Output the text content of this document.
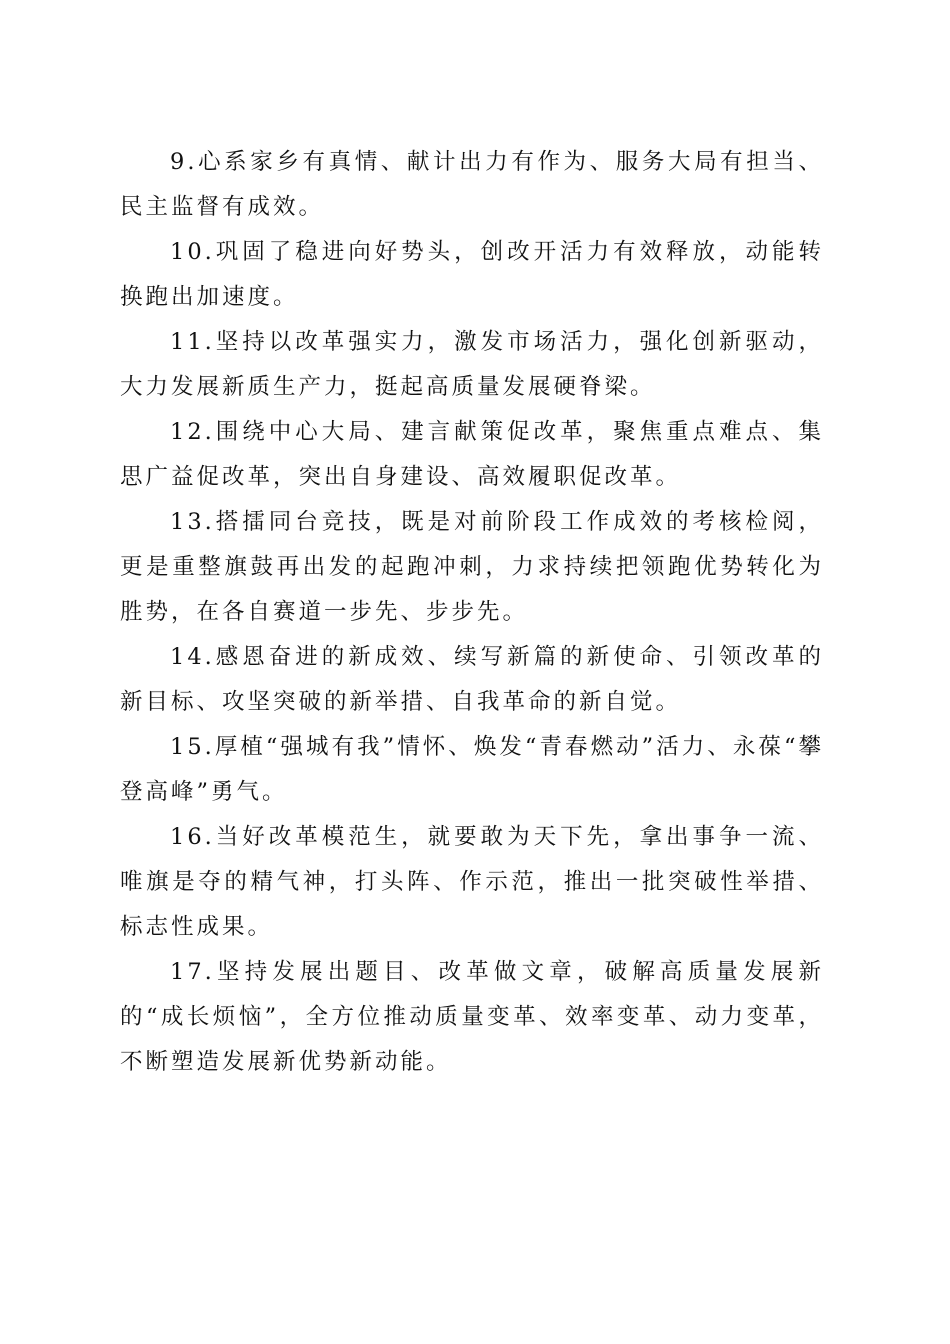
9.心系家乡有真情、献计出力有作为、服务大局有担当、民主监督有成效。

10.巩固了稳进向好势头，创改开活力有效释放，动能转换跑出加速度。

11.坚持以改革强实力，激发市场活力，强化创新驱动，大力发展新质生产力，挺起高质量发展硬脊梁。

12.围绕中心大局、建言献策促改革，聚焦重点难点、集思广益促改革，突出自身建设、高效履职促改革。

13.搭擂同台竞技，既是对前阶段工作成效的考核检阅，更是重整旗鼓再出发的起跑冲刺，力求持续把领跑优势转化为胜势，在各自赛道一步先、步步先。

14.感恩奋进的新成效、续写新篇的新使命、引领改革的新目标、攻坚突破的新举措、自我革命的新自觉。

15.厚植“强城有我”情怀、焕发“青春燃动”活力、永葆“攀登高峰”勇气。

16.当好改革模范生，就要敢为天下先，拿出事争一流、唯旗是夺的精气神，打头阵、作示范，推出一批突破性举措、标志性成果。

17.坚持发展出题目、改革做文章，破解高质量发展新的“成长烦恼”，全方位推动质量变革、效率变革、动力变革，不断塑造发展新优势新动能。
